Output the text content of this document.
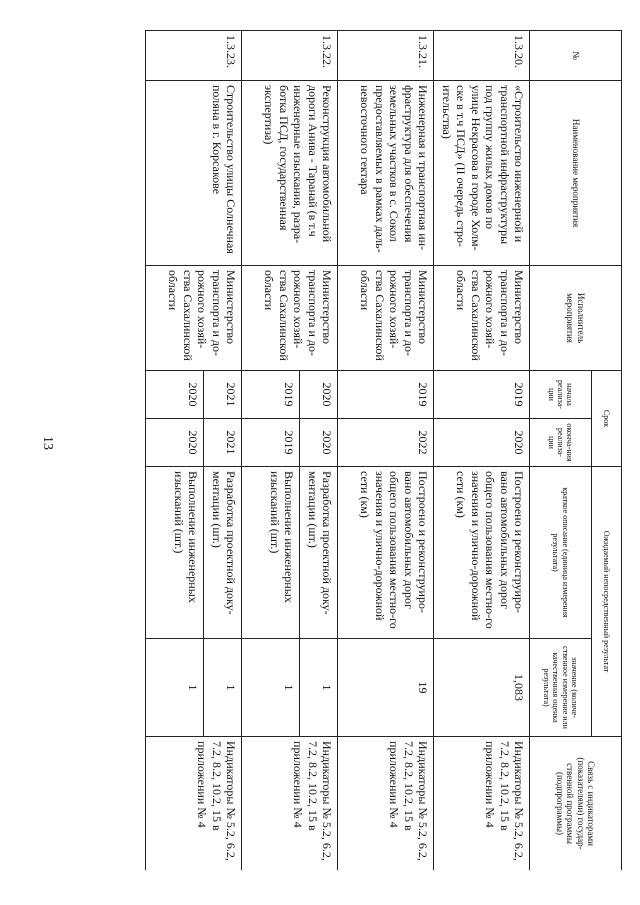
13
№	Наименование мероприятия	Исполнитель мероприятия	Срок		Ожидаемый непосредственный результат		Связь с индикаторами (показателями) государ-ственной программы (подпрограммы)
			начала реализа-ции	оконча-ния реализа-ции	краткое описание (единица измерения результата)	значение (количе-ственное измерение или качественная оценка результата)	
1.3.20.	«Строительство инженерной и транспортной инфраструктуры под группу жилых домов по улице Некрасова в городе Холм-ске в т.ч ПСД» (II очередь стро-ительства)	Министерство транспорта и до-рожного хозяй-ства Сахалинской области	2019	2020	Построено и реконструиро-вано автомобильных дорог общего пользования местно-го значения и улично-дорожной сети (км)	1,083	Индикаторы № 5.2, 6.2, 7.2, 8.2, 10.2, 15 в приложении № 4
1.3.21.	Инженерная и транспортная ин-фраструктура для обеспечения земельных участков в с. Сокол предоставляемых в рамках даль-невосточного гектара	Министерство транспорта и до-рожного хозяй-ства Сахалинской области	2019	2022	Построено и реконструиро-вано автомобильных дорог общего пользования местно-го значения и улично-дорожной сети (км)	19	Индикаторы № 5.2, 6.2, 7.2, 8.2, 10.2, 15 в приложении № 4
1.3.22.	Реконструкция автомобильной дороги Анива - Таранай (в т.ч инженерные изыскания, разра-ботка ПСД, государственная экспертиза)	Министерство транспорта и до-рожного хозяй-ства Сахалинской области	2020	2020	Разработка проектной доку-ментации (шт.)	1	Индикаторы № 5.2, 6.2, 7.2, 8.2, 10.2, 15 в приложении № 4
			2019	2019	Выполнение инженерных изысканий (шт.)	1	
1.3.23.	Строительство улицы Солнечная поляна в г. Корсакове	Министерство транспорта и до-рожного хозяй-ства Сахалинской области	2021	2021	Разработка проектной доку-ментации (шт.)	1	Индикаторы № 5.2, 6.2, 7.2, 8.2, 10.2, 15 в приложении № 4
			2020	2020	Выполнение инженерных изысканий (шт.)	1	
